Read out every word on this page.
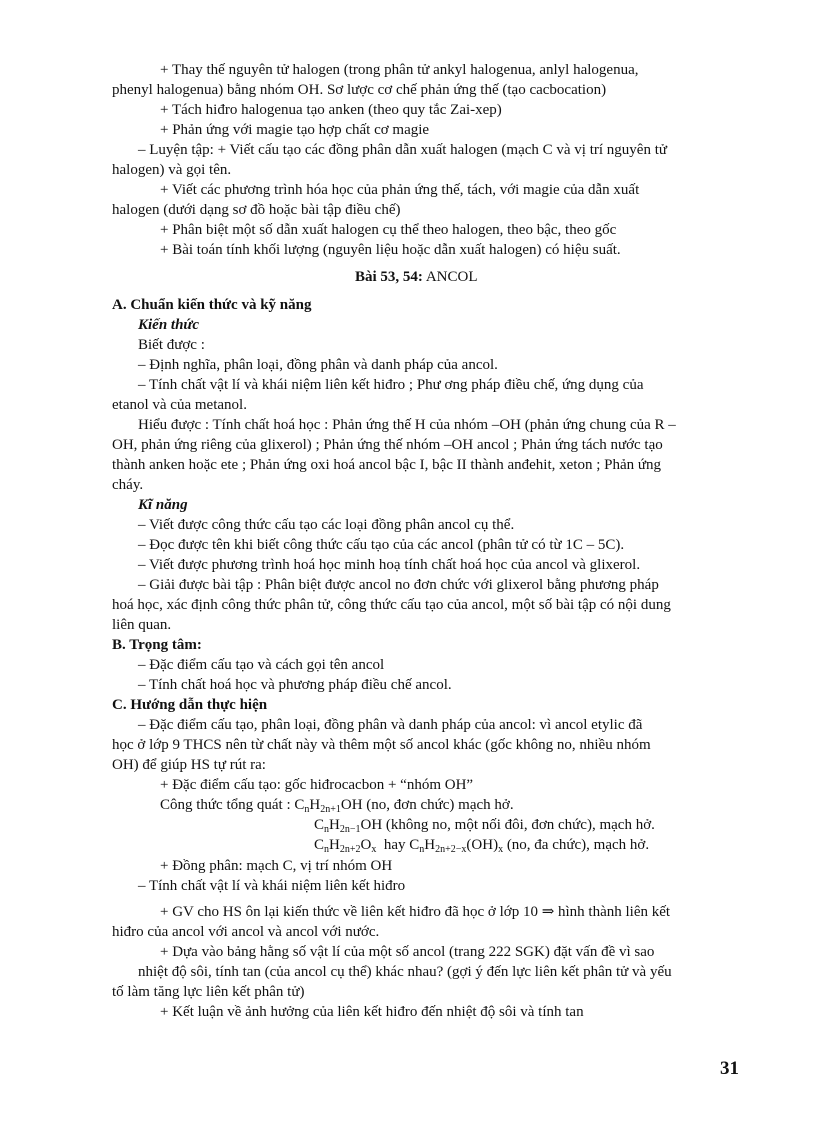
+ Thay thế nguyên tử halogen (trong phân tử ankyl halogenua, anlyl halogenua,
phenyl halogenua) bằng nhóm OH. Sơ lược cơ chế phản ứng thế (tạo cacbocation)
+ Tách hiđro halogenua tạo anken (theo quy tắc Zai-xep)
+ Phản ứng với magie tạo hợp chất cơ magie
– Luyện tập: + Viết cấu tạo các đồng phân dẫn xuất halogen (mạch C và vị trí nguyên tử
halogen) và gọi tên.
+ Viết các phương trình hóa học của phản ứng thế, tách, với magie của dẫn xuất
halogen (dưới dạng sơ đồ hoặc bài tập điều chế)
+ Phân biệt một số dẫn xuất halogen cụ thể theo halogen, theo bậc, theo gốc
+ Bài toán tính khối lượng (nguyên liệu hoặc dẫn xuất halogen) có hiệu suất.
Bài 53, 54: ANCOL
A. Chuẩn kiến thức và kỹ năng
Kiến thức
Biết được :
– Định nghĩa, phân loại, đồng phân và danh pháp của ancol.
– Tính chất vật lí và khái niệm liên kết hiđro ; Phư ơng pháp điều chế, ứng dụng của
etanol và của metanol.
Hiểu được : Tính chất hoá học : Phản ứng thế H của nhóm –OH (phản ứng chung của R –
OH, phản ứng riêng của glixerol) ; Phản ứng thế nhóm –OH ancol ; Phản ứng tách nước tạo
thành anken hoặc ete ; Phản ứng oxi hoá ancol bậc I, bậc II thành anđehit, xeton ; Phản ứng
cháy.
Kĩ năng
– Viết được công thức cấu tạo các loại đồng phân ancol cụ thể.
– Đọc được tên khi biết công thức cấu tạo của các ancol (phân tử có từ 1C – 5C).
– Viết được phương trình hoá học minh hoạ tính chất hoá học của ancol và glixerol.
– Giải được bài tập : Phân biệt được ancol no đơn chức với glixerol bằng phương pháp
hoá học, xác định công thức phân tử, công thức cấu tạo của ancol, một số bài tập có nội dung
liên quan.
B. Trọng tâm:
– Đặc điểm cấu tạo và cách gọi tên ancol
– Tính chất hoá học và phương pháp điều chế ancol.
C. Hướng dẫn thực hiện
– Đặc điểm cấu tạo, phân loại, đồng phân và danh pháp của ancol: vì ancol etylic đã
học ở lớp 9 THCS nên từ chất này và thêm một số ancol khác (gốc không no, nhiều nhóm
OH) để giúp HS tự rút ra:
+ Đặc điểm cấu tạo: gốc hiđrocacbon + “nhóm OH”
Công thức tổng quát : $C_nH_{2n+1}OH$ (no, đơn chức) mạch hở.
$C_nH_{2n-1}OH$ (không no, một nối đôi, đơn chức), mạch hở.
$C_nH_{2n+2}O_x$ hay $C_nH_{2n+2-x}(OH)_x$ (no, đa chức), mạch hở.
+ Đồng phân: mạch C, vị trí nhóm OH
– Tính chất vật lí và khái niệm liên kết hiđro
+ GV cho HS ôn lại kiến thức về liên kết hiđro đã học ở lớp 10 ⇒ hình thành liên kết
hiđro của ancol với ancol và ancol với nước.
+ Dựa vào bảng hằng số vật lí của một số ancol (trang 222 SGK) đặt vấn đề vì sao
nhiệt độ sôi, tính tan (của ancol cụ thể) khác nhau? (gợi ý đến lực liên kết phân tử và yếu
tố làm tăng lực liên kết phân tử)
+ Kết luận về ảnh hưởng của liên kết hiđro đến nhiệt độ sôi và tính tan
31
